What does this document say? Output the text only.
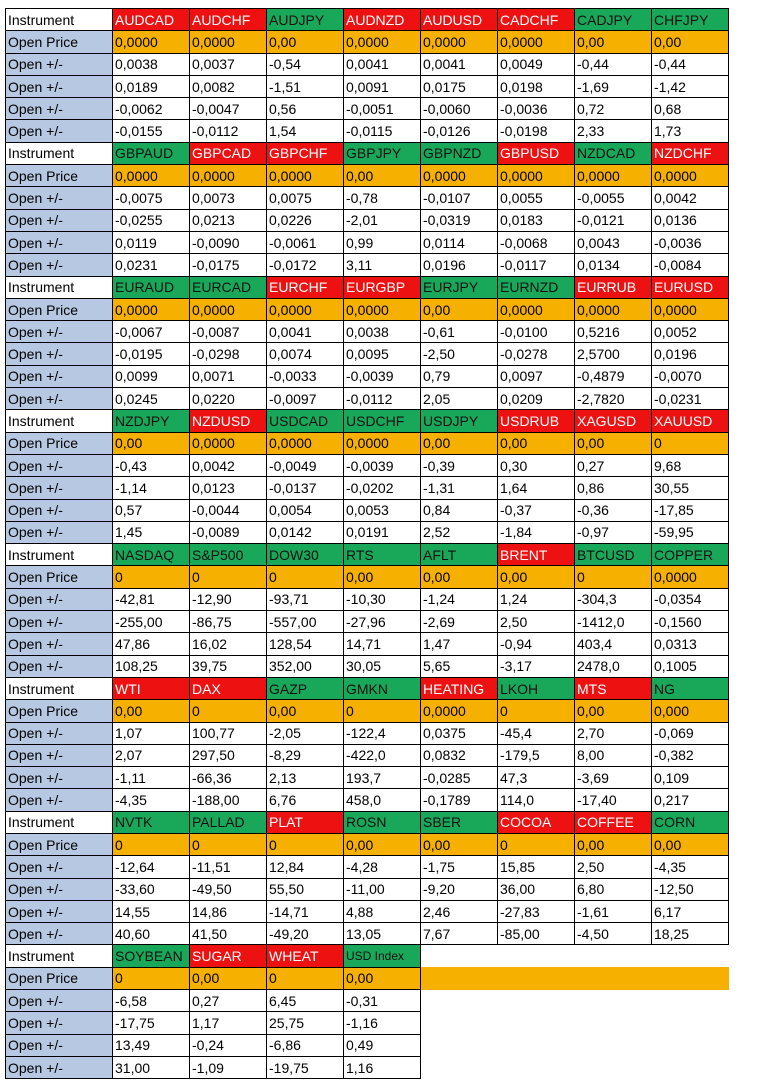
Instrument	AUDCAD	AUDCHF	AUDJPY	AUDNZD	AUDUSD	CADCHF	CADJPY	CHFJPY
Open Price	0,0000	0,0000	0,00	0,0000	0,0000	0,0000	0,00	0,00
Open +/-	0,0038	0,0037	-0,54	0,0041	0,0041	0,0049	-0,44	-0,44
Open +/-	0,0189	0,0082	-1,51	0,0091	0,0175	0,0198	-1,69	-1,42
Open +/-	-0,0062	-0,0047	0,56	-0,0051	-0,0060	-0,0036	0,72	0,68
Open +/-	-0,0155	-0,0112	1,54	-0,0115	-0,0126	-0,0198	2,33	1,73
Instrument	GBPAUD	GBPCAD	GBPCHF	GBPJPY	GBPNZD	GBPUSD	NZDCAD	NZDCHF
Open Price	0,0000	0,0000	0,0000	0,00	0,0000	0,0000	0,0000	0,0000
Open +/-	-0,0075	0,0073	0,0075	-0,78	-0,0107	0,0055	-0,0055	0,0042
Open +/-	-0,0255	0,0213	0,0226	-2,01	-0,0319	0,0183	-0,0121	0,0136
Open +/-	0,0119	-0,0090	-0,0061	0,99	0,0114	-0,0068	0,0043	-0,0036
Open +/-	0,0231	-0,0175	-0,0172	3,11	0,0196	-0,0117	0,0134	-0,0084
Instrument	EURAUD	EURCAD	EURCHF	EURGBP	EURJPY	EURNZD	EURRUB	EURUSD
Open Price	0,0000	0,0000	0,0000	0,0000	0,00	0,0000	0,0000	0,0000
Open +/-	-0,0067	-0,0087	0,0041	0,0038	-0,61	-0,0100	0,5216	0,0052
Open +/-	-0,0195	-0,0298	0,0074	0,0095	-2,50	-0,0278	2,5700	0,0196
Open +/-	0,0099	0,0071	-0,0033	-0,0039	0,79	0,0097	-0,4879	-0,0070
Open +/-	0,0245	0,0220	-0,0097	-0,0112	2,05	0,0209	-2,7820	-0,0231
Instrument	NZDJPY	NZDUSD	USDCAD	USDCHF	USDJPY	USDRUB	XAGUSD	XAUUSD
Open Price	0,00	0,0000	0,0000	0,0000	0,00	0,00	0,00	0
Open +/-	-0,43	0,0042	-0,0049	-0,0039	-0,39	0,30	0,27	9,68
Open +/-	-1,14	0,0123	-0,0137	-0,0202	-1,31	1,64	0,86	30,55
Open +/-	0,57	-0,0044	0,0054	0,0053	0,84	-0,37	-0,36	-17,85
Open +/-	1,45	-0,0089	0,0142	0,0191	2,52	-1,84	-0,97	-59,95
Instrument	NASDAQ	S&P500	DOW30	RTS	AFLT	BRENT	BTCUSD	COPPER
Open Price	0	0	0	0,00	0,00	0,00	0	0,0000
Open +/-	-42,81	-12,90	-93,71	-10,30	-1,24	1,24	-304,3	-0,0354
Open +/-	-255,00	-86,75	-557,00	-27,96	-2,69	2,50	-1412,0	-0,1560
Open +/-	47,86	16,02	128,54	14,71	1,47	-0,94	403,4	0,0313
Open +/-	108,25	39,75	352,00	30,05	5,65	-3,17	2478,0	0,1005
Instrument	WTI	DAX	GAZP	GMKN	HEATING	LKOH	MTS	NG
Open Price	0,00	0	0,00	0	0,0000	0	0,00	0,000
Open +/-	1,07	100,77	-2,05	-122,4	0,0375	-45,4	2,70	-0,069
Open +/-	2,07	297,50	-8,29	-422,0	0,0832	-179,5	8,00	-0,382
Open +/-	-1,11	-66,36	2,13	193,7	-0,0285	47,3	-3,69	0,109
Open +/-	-4,35	-188,00	6,76	458,0	-0,1789	114,0	-17,40	0,217
Instrument	NVTK	PALLAD	PLAT	ROSN	SBER	COCOA	COFFEE	CORN
Open Price	0	0	0	0,00	0,00	0	0,00	0,00
Open +/-	-12,64	-11,51	12,84	-4,28	-1,75	15,85	2,50	-4,35
Open +/-	-33,60	-49,50	55,50	-11,00	-9,20	36,00	6,80	-12,50
Open +/-	14,55	14,86	-14,71	4,88	2,46	-27,83	-1,61	6,17
Open +/-	40,60	41,50	-49,20	13,05	7,67	-85,00	-4,50	18,25
Instrument	SOYBEAN	SUGAR	WHEAT	USD Index				
Open Price	0	0,00	0	0,00				
Open +/-	-6,58	0,27	6,45	-0,31				
Open +/-	-17,75	1,17	25,75	-1,16				
Open +/-	13,49	-0,24	-6,86	0,49				
Open +/-	31,00	-1,09	-19,75	1,16				
